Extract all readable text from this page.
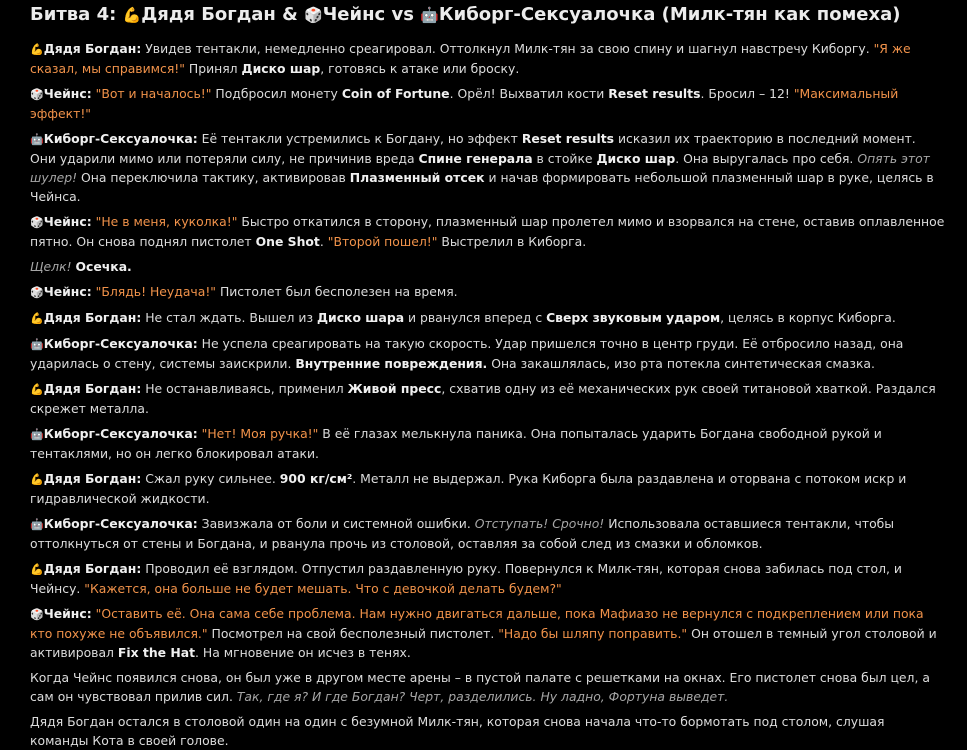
Битва 4: 💪Дядя Богдан & 🎲Чейнс vs 🤖Киборг-Сексуалочка (Милк-тян как помеха)
💪Дядя Богдан: Увидев тентакли, немедленно среагировал. Оттолкнул Милк-тян за свою спину и шагнул навстречу Киборгу. "Я же сказал, мы справимся!" Принял Диско шар, готовясь к атаке или броску.
🎲Чейнс: "Вот и началось!" Подбросил монету Coin of Fortune. Орёл! Выхватил кости Reset results. Бросил – 12! "Максимальный эффект!"
🤖Киборг-Сексуалочка: Её тентакли устремились к Богдану, но эффект Reset results исказил их траекторию в последний момент. Они ударили мимо или потеряли силу, не причинив вреда Спине генерала в стойке Диско шар. Она выругалась про себя. Опять этот шулер! Она переключила тактику, активировав Плазменный отсек и начав формировать небольшой плазменный шар в руке, целясь в Чейнса.
🎲Чейнс: "Не в меня, куколка!" Быстро откатился в сторону, плазменный шар пролетел мимо и взорвался на стене, оставив оплавленное пятно. Он снова поднял пистолет One Shot. "Второй пошел!" Выстрелил в Киборга.
Щелк! Осечка.
🎲Чейнс: "Блядь! Неудача!" Пистолет был бесполезен на время.
💪Дядя Богдан: Не стал ждать. Вышел из Диско шара и рванулся вперед с Сверх звуковым ударом, целясь в корпус Киборга.
🤖Киборг-Сексуалочка: Не успела среагировать на такую скорость. Удар пришелся точно в центр груди. Её отбросило назад, она ударилась о стену, системы заискрили. Внутренние повреждения. Она закашлялась, изо рта потекла синтетическая смазка.
💪Дядя Богдан: Не останавливаясь, применил Живой пресс, схватив одну из её механических рук своей титановой хваткой. Раздался скрежет металла.
🤖Киборг-Сексуалочка: "Нет! Моя ручка!" В её глазах мелькнула паника. Она попыталась ударить Богдана свободной рукой и тентаклями, но он легко блокировал атаки.
💪Дядя Богдан: Сжал руку сильнее. 900 кг/см². Металл не выдержал. Рука Киборга была раздавлена и оторвана с потоком искр и гидравлической жидкости.
🤖Киборг-Сексуалочка: Завизжала от боли и системной ошибки. Отступать! Срочно! Использовала оставшиеся тентакли, чтобы оттолкнуться от стены и Богдана, и рванула прочь из столовой, оставляя за собой след из смазки и обломков.
💪Дядя Богдан: Проводил её взглядом. Отпустил раздавленную руку. Повернулся к Милк-тян, которая снова забилась под стол, и Чейнсу. "Кажется, она больше не будет мешать. Что с девочкой делать будем?"
🎲Чейнс: "Оставить её. Она сама себе проблема. Нам нужно двигаться дальше, пока Мафиазо не вернулся с подкреплением или пока кто похуже не объявился." Посмотрел на свой бесполезный пистолет. "Надо бы шляпу поправить." Он отошел в темный угол столовой и активировал Fix the Hat. На мгновение он исчез в тенях.
Когда Чейнс появился снова, он был уже в другом месте арены – в пустой палате с решетками на окнах. Его пистолет снова был цел, а сам он чувствовал прилив сил. Так, где я? И где Богдан? Черт, разделились. Ну ладно, Фортуна выведет.
Дядя Богдан остался в столовой один на один с безумной Милк-тян, которая снова начала что-то бормотать под столом, слушая команды Кота в своей голове.
